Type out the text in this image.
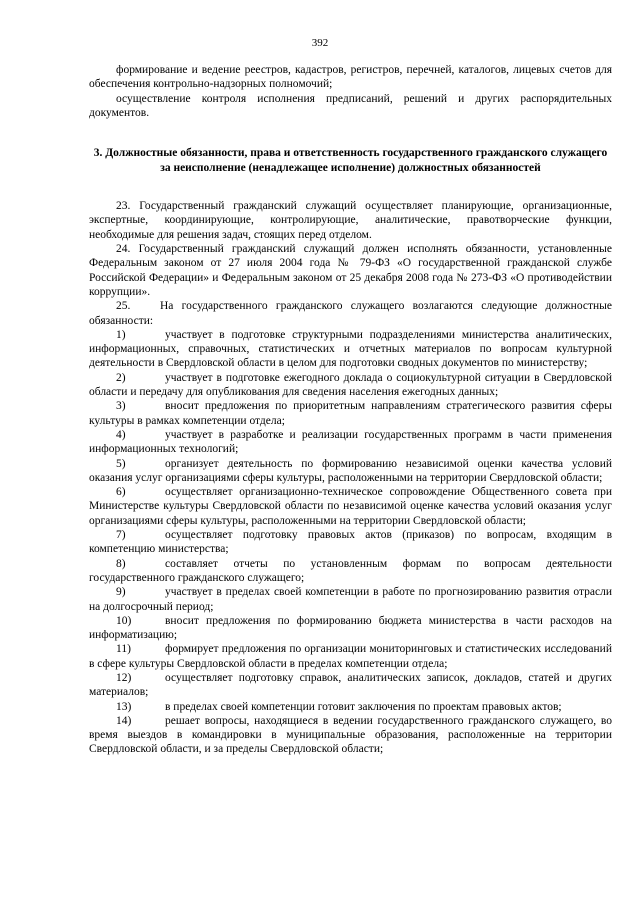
392

формирование и ведение реестров, кадастров, регистров, перечней, каталогов, лицевых счетов для обеспечения контрольно-надзорных полномочий;

осуществление контроля исполнения предписаний, решений и других распорядительных документов.

3. Должностные обязанности, права и ответственность государственного гражданского служащего за неисполнение (ненадлежащее исполнение) должностных обязанностей

23. Государственный гражданский служащий осуществляет планирующие, организационные, экспертные, координирующие, контролирующие, аналитические, правотворческие функции, необходимые для решения задач, стоящих перед отделом.

24. Государственный гражданский служащий должен исполнять обязанности, установленные Федеральным законом от 27 июля 2004 года № 79-ФЗ «О государственной гражданской службе Российской Федерации» и Федеральным законом от 25 декабря 2008 года № 273-ФЗ «О противодействии коррупции».

25.	На государственного гражданского служащего возлагаются следующие должностные обязанности:

1)	участвует в подготовке структурными подразделениями министерства аналитических, информационных, справочных, статистических и отчетных материалов по вопросам культурной деятельности в Свердловской области в целом для подготовки сводных документов по министерству;

2)	участвует в подготовке ежегодного доклада о социокультурной ситуации в Свердловской области и передачу для опубликования для сведения населения ежегодных данных;

3)	вносит предложения по приоритетным направлениям стратегического развития сферы культуры в рамках компетенции отдела;

4)	участвует в разработке и реализации государственных программ в части применения информационных технологий;

5)	организует деятельность по формированию независимой оценки качества условий оказания услуг организациями сферы культуры, расположенными на территории Свердловской области;

6)	осуществляет организационно-техническое сопровождение Общественного совета при Министерстве культуры Свердловской области по независимой оценке качества условий оказания услуг организациями сферы культуры, расположенными на территории Свердловской области;

7)	осуществляет подготовку правовых актов (приказов) по вопросам, входящим в компетенцию министерства;

8)	составляет отчеты по установленным формам по вопросам деятельности государственного гражданского служащего;

9)	участвует в пределах своей компетенции в работе по прогнозированию развития отрасли на долгосрочный период;

10)	вносит предложения по формированию бюджета министерства в части расходов на информатизацию;

11)	формирует предложения по организации мониторинговых и статистических исследований в сфере культуры Свердловской области в пределах компетенции отдела;

12)	осуществляет подготовку справок, аналитических записок, докладов, статей и других материалов;

13)	в пределах своей компетенции готовит заключения по проектам правовых актов;

14)	решает вопросы, находящиеся в ведении государственного гражданского служащего, во время выездов в командировки в муниципальные образования, расположенные на территории Свердловской области, и за пределы Свердловской области;
